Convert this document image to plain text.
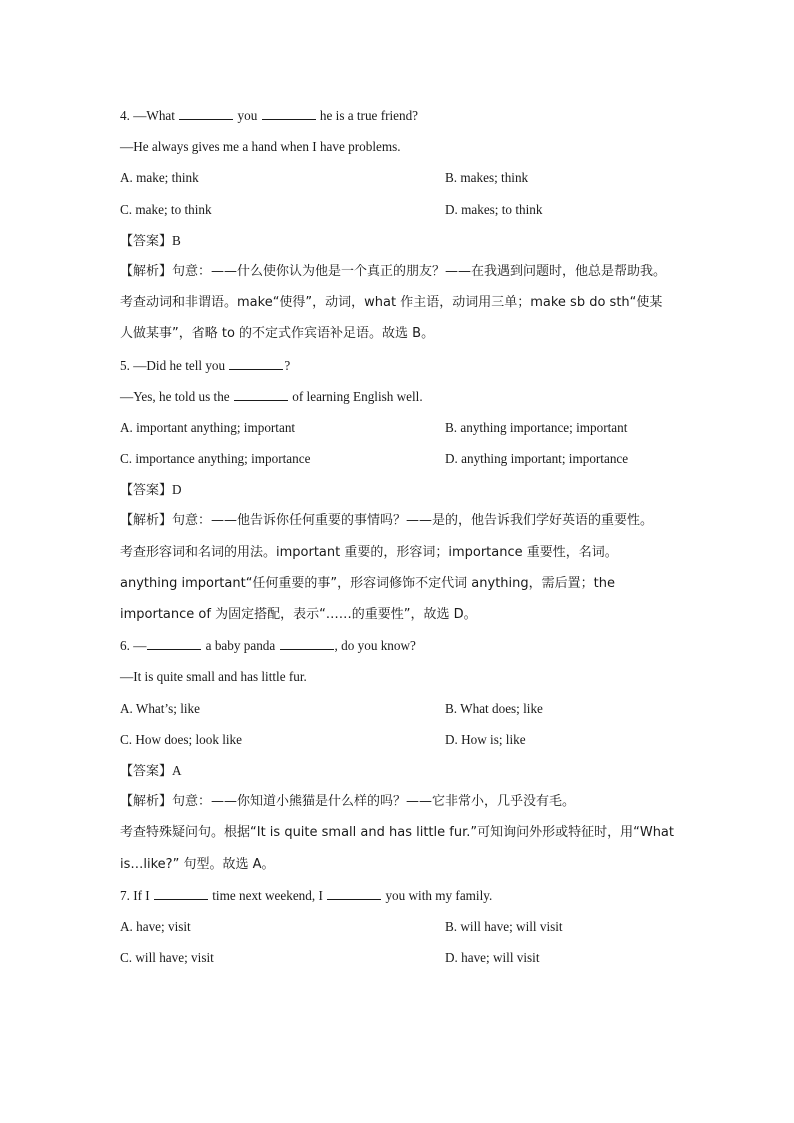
4. —What	you	he is a true friend?
—He always gives me a hand when I have problems.
A. make; think	B. makes; think
C. make; to think	D. makes; to think
【答案】B
【解析】句意：——什么使你认为他是一个真正的朋友？——在我遇到问题时，他总是帮助我。
考查动词和非谓语。make“使得”，动词，what 作主语，动词用三单；make sb do sth“使某人做某事”，省略 to 的不定式作宾语补足语。故选 B。
5. —Did he tell you	?
—Yes, he told us the	of learning English well.
A. important anything; important	B. anything importance; important
C. importance anything; importance	D. anything important; importance
【答案】D
【解析】句意：——他告诉你任何重要的事情吗？——是的，他告诉我们学好英语的重要性。
考查形容词和名词的用法。important 重要的，形容词；importance 重要性，名词。anything important“任何重要的事”，形容词修饰不定代词 anything，需后置；the importance of 为固定搭配，表示“……的重要性”，故选 D。
6. —	a baby panda	, do you know?
—It is quite small and has little fur.
A. What’s; like	B. What does; like
C. How does; look like	D. How is; like
【答案】A
【解析】句意：——你知道小熊猫是什么样的吗？——它非常小，几乎没有毛。
考查特殊疑问句。根据“It is quite small and has little fur.”可知询问外形或特征时，用“What is…like?” 句型。故选 A。
7. If I	time next weekend, I	you with my family.
A. have; visit	B. will have; will visit
C. will have; visit	D. have; will visit
